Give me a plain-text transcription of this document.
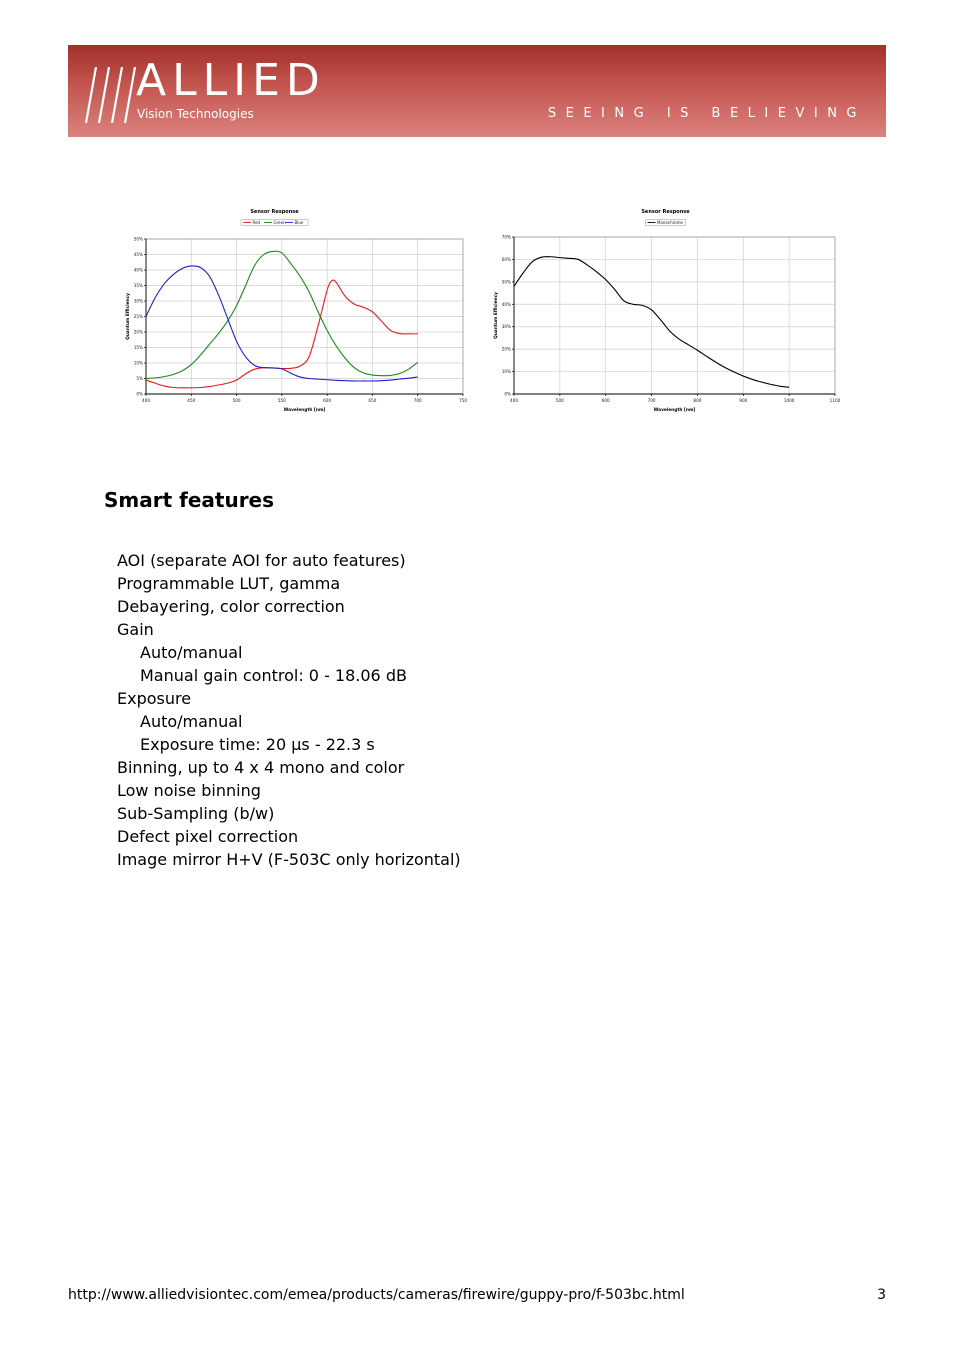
ALLIED
Vision Technologies	SEEING IS BELIEVING
0%
5%
10%
15%
20%
25%
30%
35%
40%
45%
50%
400	450	500	550	600	650	700	750
Sensor Response
Wavelength [nm]
Quantum Efficiency
Red	Green Blue
0%
10%
20%
30%
40%
50%
60%
70%
400	500	600	700	800	900	1000	1100
Sensor Response
Wavelength [nm]
Quantum Efficiency
Monochrome
Smart features
AOI (separate AOI for auto features)
Programmable LUT, gamma
Debayering, color correction
Gain
Auto/manual
Manual gain control: 0 - 18.06 dB
Exposure
Auto/manual
Exposure time: 20 µs - 22.3 s
Binning, up to 4 x 4 mono and color
Low noise binning
Sub-Sampling (b/w)
Defect pixel correction
Image mirror H+V (F-503C only horizontal)
http://www.alliedvisiontec.com/emea/products/cameras/firewire/guppy-pro/f-503bc.html	3
